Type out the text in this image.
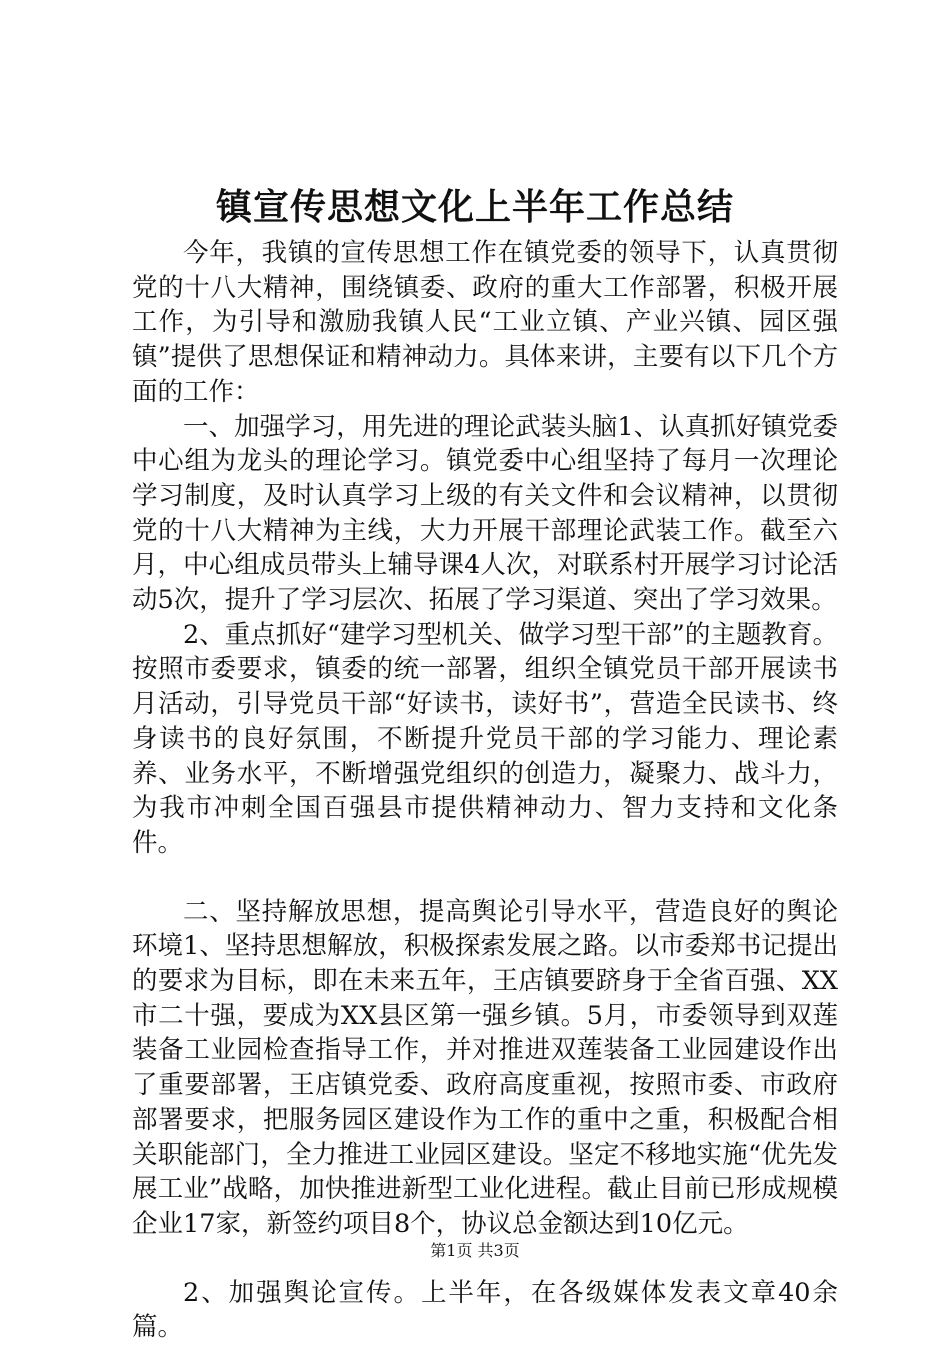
镇宣传思想文化上半年工作总结

今年，我镇的宣传思想工作在镇党委的领导下，认真贯彻党的十八大精神，围绕镇委、政府的重大工作部署，积极开展工作，为引导和激励我镇人民“工业立镇、产业兴镇、园区强镇”提供了思想保证和精神动力。具体来讲，主要有以下几个方面的工作：

一、加强学习，用先进的理论武装头脑1、认真抓好镇党委中心组为龙头的理论学习。镇党委中心组坚持了每月一次理论学习制度，及时认真学习上级的有关文件和会议精神，以贯彻党的十八大精神为主线，大力开展干部理论武装工作。截至六月，中心组成员带头上辅导课4人次，对联系村开展学习讨论活动5次，提升了学习层次、拓展了学习渠道、突出了学习效果。

2、重点抓好“建学习型机关、做学习型干部”的主题教育。按照市委要求，镇委的统一部署，组织全镇党员干部开展读书月活动，引导党员干部“好读书，读好书”，营造全民读书、终身读书的良好氛围，不断提升党员干部的学习能力、理论素养、业务水平，不断增强党组织的创造力，凝聚力、战斗力，为我市冲刺全国百强县市提供精神动力、智力支持和文化条件。

二、坚持解放思想，提高舆论引导水平，营造良好的舆论环境1、坚持思想解放，积极探索发展之路。以市委郑书记提出的要求为目标，即在未来五年，王店镇要跻身于全省百强、XX市二十强，要成为XX县区第一强乡镇。5月，市委领导到双莲装备工业园检查指导工作，并对推进双莲装备工业园建设作出了重要部署，王店镇党委、政府高度重视，按照市委、市政府部署要求，把服务园区建设作为工作的重中之重，积极配合相关职能部门，全力推进工业园区建设。坚定不移地实施“优先发展工业”战略，加快推进新型工业化进程。截止目前已形成规模企业17家，新签约项目8个，协议总金额达到10亿元。

2、加强舆论宣传。上半年，在各级媒体发表文章40余篇。

第1页 共3页
